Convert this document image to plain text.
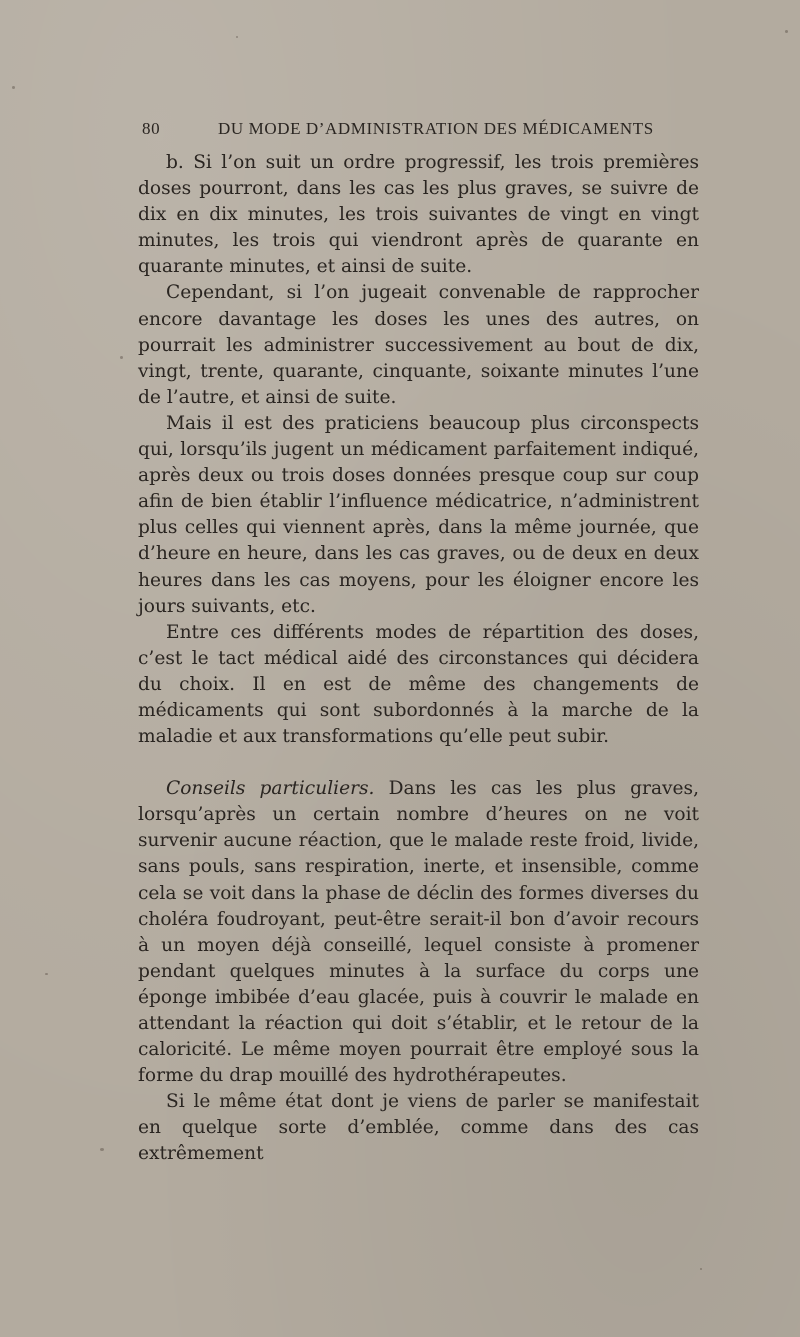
80	DU MODE D’ADMINISTRATION DES MÉDICAMENTS

b. Si l’on suit un ordre progressif, les trois premières doses pourront, dans les cas les plus graves, se suivre de dix en dix minutes, les trois suivantes de vingt en vingt minutes, les trois qui viendront après de quarante en quarante minutes, et ainsi de suite.

Cependant, si l’on jugeait convenable de rapprocher encore davantage les doses les unes des autres, on pourrait les administrer successivement au bout de dix, vingt, trente, quarante, cinquante, soixante minutes l’une de l’autre, et ainsi de suite.

Mais il est des praticiens beaucoup plus circonspects qui, lorsqu’ils jugent un médicament parfaitement indiqué, après deux ou trois doses données presque coup sur coup afin de bien établir l’influence médicatrice, n’administrent plus celles qui viennent après, dans la même journée, que d’heure en heure, dans les cas graves, ou de deux en deux heures dans les cas moyens, pour les éloigner encore les jours suivants, etc.

Entre ces différents modes de répartition des doses, c’est le tact médical aidé des circonstances qui décidera du choix. Il en est de même des changements de médicaments qui sont subordonnés à la marche de la maladie et aux transformations qu’elle peut subir.

Conseils particuliers. Dans les cas les plus graves, lorsqu’après un certain nombre d’heures on ne voit survenir aucune réaction, que le malade reste froid, livide, sans pouls, sans respiration, inerte, et insensible, comme cela se voit dans la phase de déclin des formes diverses du choléra foudroyant, peut-être serait-il bon d’avoir recours à un moyen déjà conseillé, lequel consiste à promener pendant quelques minutes à la surface du corps une éponge imbibée d’eau glacée, puis à couvrir le malade en attendant la réaction qui doit s’établir, et le retour de la caloricité. Le même moyen pourrait être employé sous la forme du drap mouillé des hydrothérapeutes.

Si le même état dont je viens de parler se manifestait en quelque sorte d’emblée, comme dans des cas extrêmement
